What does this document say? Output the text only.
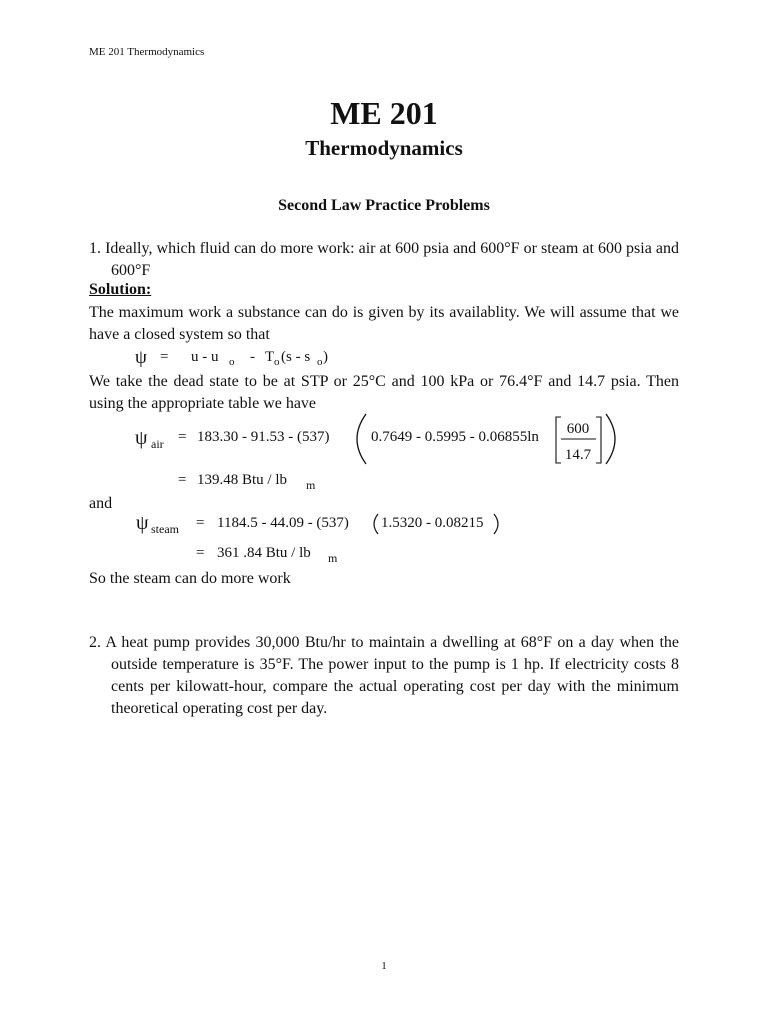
ME 201 Thermodynamics
ME 201
Thermodynamics
Second Law Practice Problems
1. Ideally, which fluid can do more work: air at 600 psia and 600°F or steam at 600 psia and 600°F
Solution:
The maximum work a substance can do is given by its availablity. We will assume that we have a closed system so that
We take the dead state to be at STP or 25°C and 100 kPa or 76.4°F and 14.7 psia. Then using the appropriate table we have
and
So the steam can do more work
2. A heat pump provides 30,000 Btu/hr to maintain a dwelling at 68°F on a day when the outside temperature is 35°F. The power input to the pump is 1 hp. If electricity costs 8 cents per kilowatt-hour, compare the actual operating cost per day with the minimum theoretical operating cost per day.
ψ = u - u o - T o (s - s o )
ψ air = 183.30 - 91.53 - (537)	0.7649 - 0.5995 - 0.06855ln 600
14.7
= 139.48 Btu / lb m
ψ steam = 1184.5 - 44.09 - (537) 1.5320 - 0.08215
= 361 .84 Btu / lb m
1
